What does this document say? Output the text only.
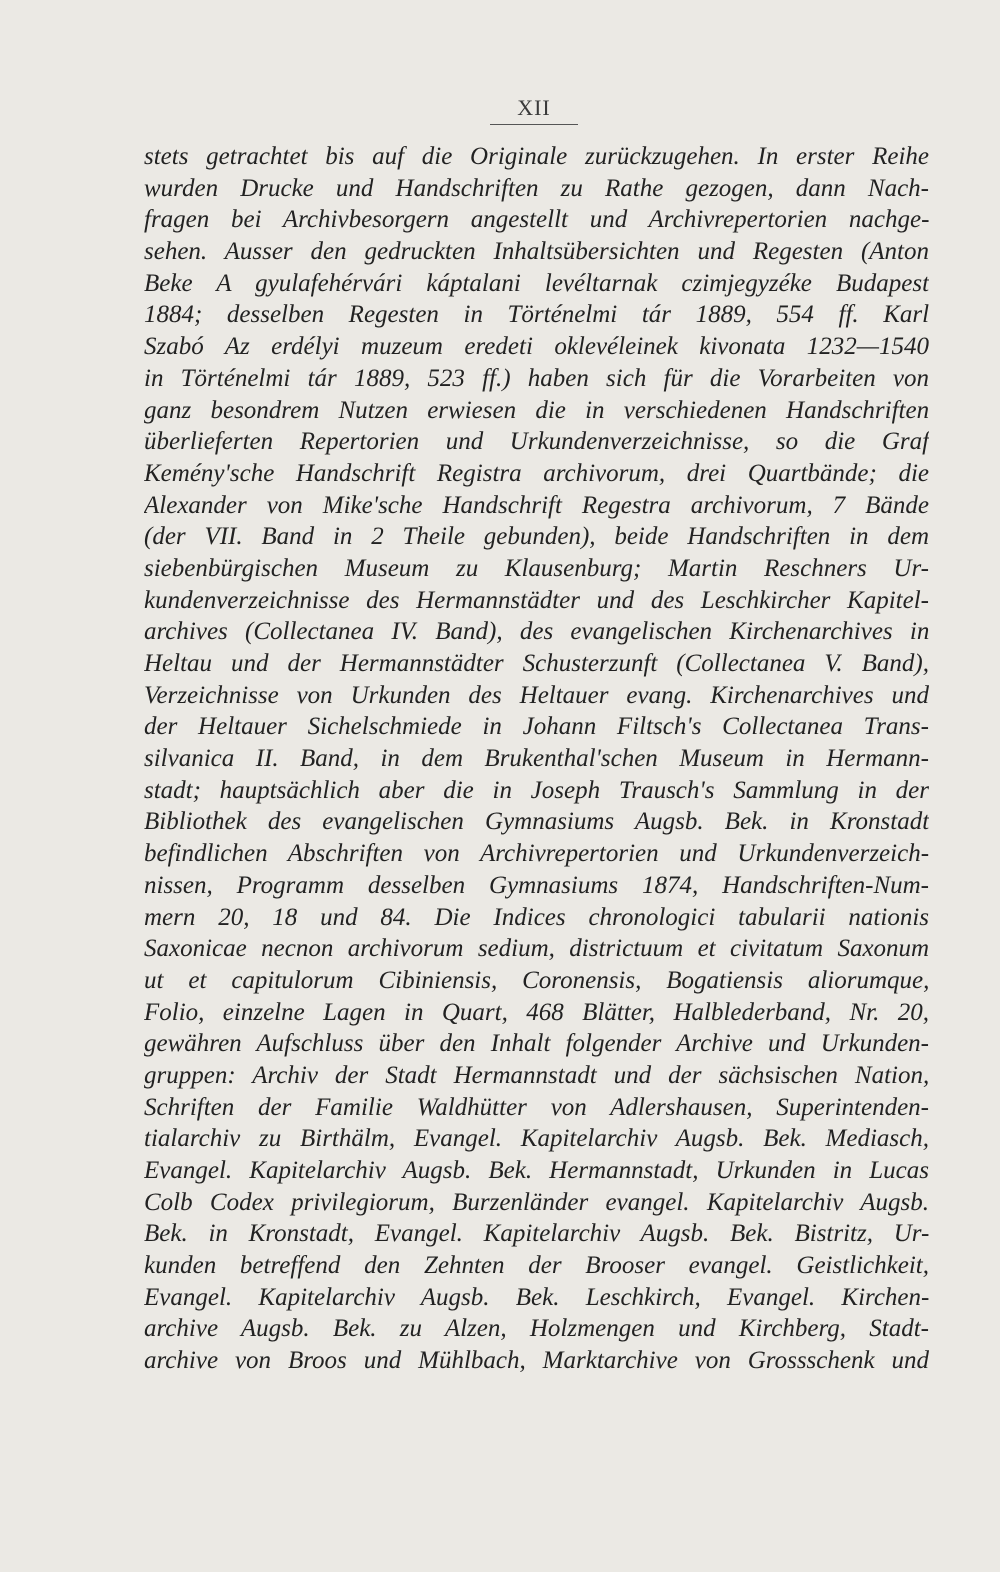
XII
stets getrachtet bis auf die Originale zurückzugehen. In erster Reihe
wurden Drucke und Handschriften zu Rathe gezogen, dann Nach-
fragen bei Archivbesorgern angestellt und Archivrepertorien nachge-
sehen. Ausser den gedruckten Inhaltsübersichten und Regesten (Anton
Beke A gyulafehérvári káptalani levéltarnak czimjegyzéke Budapest
1884; desselben Regesten in Történelmi tár 1889, 554 ff. Karl
Szabó Az erdélyi muzeum eredeti oklevéleinek kivonata 1232—1540
in Történelmi tár 1889, 523 ff.) haben sich für die Vorarbeiten von
ganz besondrem Nutzen erwiesen die in verschiedenen Handschriften
überlieferten Repertorien und Urkundenverzeichnisse, so die Graf
Kemény'sche Handschrift Registra archivorum, drei Quartbände; die
Alexander von Mike'sche Handschrift Regestra archivorum, 7 Bände
(der VII. Band in 2 Theile gebunden), beide Handschriften in dem
siebenbürgischen Museum zu Klausenburg; Martin Reschners Ur-
kundenverzeichnisse des Hermannstädter und des Leschkircher Kapitel-
archives (Collectanea IV. Band), des evangelischen Kirchenarchives in
Heltau und der Hermannstädter Schusterzunft (Collectanea V. Band),
Verzeichnisse von Urkunden des Heltauer evang. Kirchenarchives und
der Heltauer Sichelschmiede in Johann Filtsch's Collectanea Trans-
silvanica II. Band, in dem Brukenthal'schen Museum in Hermann-
stadt; hauptsächlich aber die in Joseph Trausch's Sammlung in der
Bibliothek des evangelischen Gymnasiums Augsb. Bek. in Kronstadt
befindlichen Abschriften von Archivrepertorien und Urkundenverzeich-
nissen, Programm desselben Gymnasiums 1874, Handschriften-Num-
mern 20, 18 und 84. Die Indices chronologici tabularii nationis
Saxonicae necnon archivorum sedium, districtuum et civitatum Saxonum
ut et capitulorum Cibiniensis, Coronensis, Bogatiensis aliorumque,
Folio, einzelne Lagen in Quart, 468 Blätter, Halblederband, Nr. 20,
gewähren Aufschluss über den Inhalt folgender Archive und Urkunden-
gruppen: Archiv der Stadt Hermannstadt und der sächsischen Nation,
Schriften der Familie Waldhütter von Adlershausen, Superintenden-
tialarchiv zu Birthälm, Evangel. Kapitelarchiv Augsb. Bek. Mediasch,
Evangel. Kapitelarchiv Augsb. Bek. Hermannstadt, Urkunden in Lucas
Colb Codex privilegiorum, Burzenländer evangel. Kapitelarchiv Augsb.
Bek. in Kronstadt, Evangel. Kapitelarchiv Augsb. Bek. Bistritz, Ur-
kunden betreffend den Zehnten der Brooser evangel. Geistlichkeit,
Evangel. Kapitelarchiv Augsb. Bek. Leschkirch, Evangel. Kirchen-
archive Augsb. Bek. zu Alzen, Holzmengen und Kirchberg, Stadt-
archive von Broos und Mühlbach, Marktarchive von Grossschenk und
